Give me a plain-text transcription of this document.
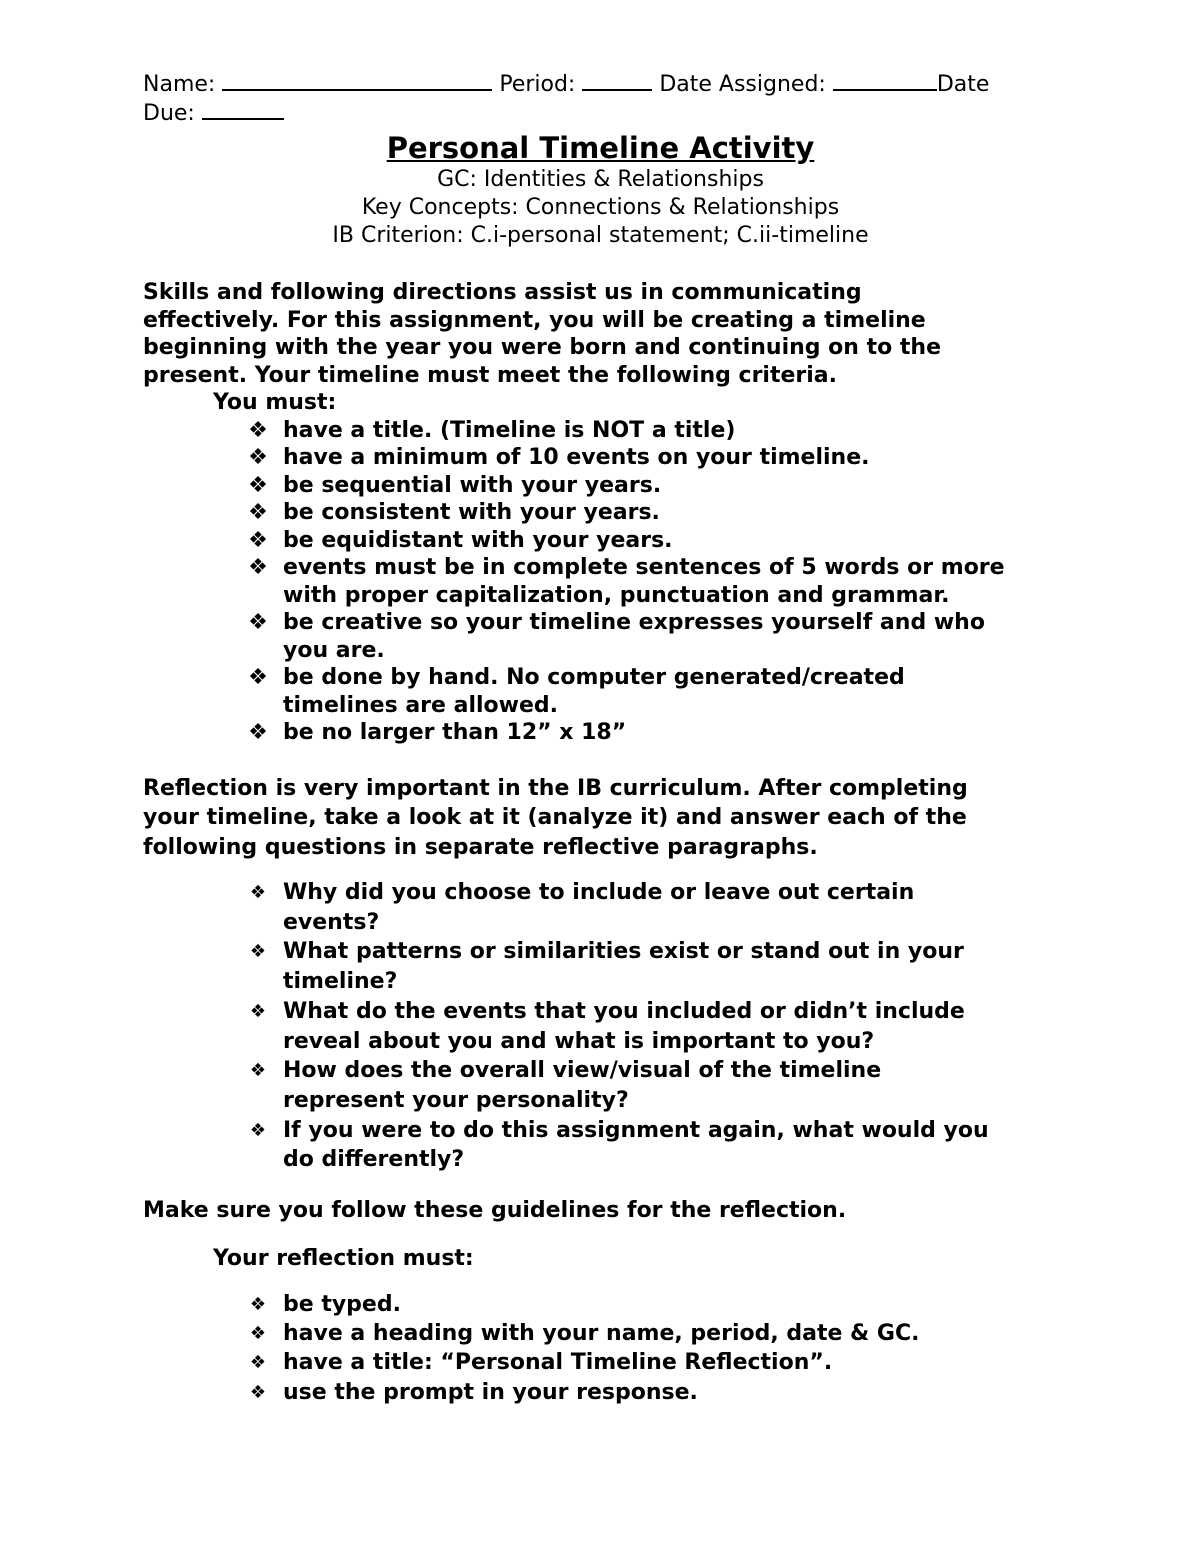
Name:	Period:	Date Assigned:	Date
Due:
Personal Timeline Activity
GC: Identities & Relationships
Key Concepts: Connections & Relationships
IB Criterion: C.i-personal statement; C.ii-timeline

Skills and following directions assist us in communicating
effectively. For this assignment, you will be creating a timeline
beginning with the year you were born and continuing on to the
present. Your timeline must meet the following criteria.

You must:
❖ have a title. (Timeline is NOT a title)
❖ have a minimum of 10 events on your timeline.
❖ be sequential with your years.
❖ be consistent with your years.
❖ be equidistant with your years.
❖ events must be in complete sentences of 5 words or more
with proper capitalization, punctuation and grammar.
❖ be creative so your timeline expresses yourself and who
you are.
❖ be done by hand. No computer generated/created
timelines are allowed.
❖ be no larger than 12” x 18”

Reflection is very important in the IB curriculum. After completing
your timeline, take a look at it (analyze it) and answer each of the
following questions in separate reflective paragraphs.

❖ Why did you choose to include or leave out certain
events?
❖ What patterns or similarities exist or stand out in your
timeline?
❖ What do the events that you included or didn’t include
reveal about you and what is important to you?
❖ How does the overall view/visual of the timeline
represent your personality?
❖ If you were to do this assignment again, what would you
do differently?

Make sure you follow these guidelines for the reflection.

Your reflection must:
❖ be typed.
❖ have a heading with your name, period, date & GC.
❖ have a title: “Personal Timeline Reflection”.
❖ use the prompt in your response.
